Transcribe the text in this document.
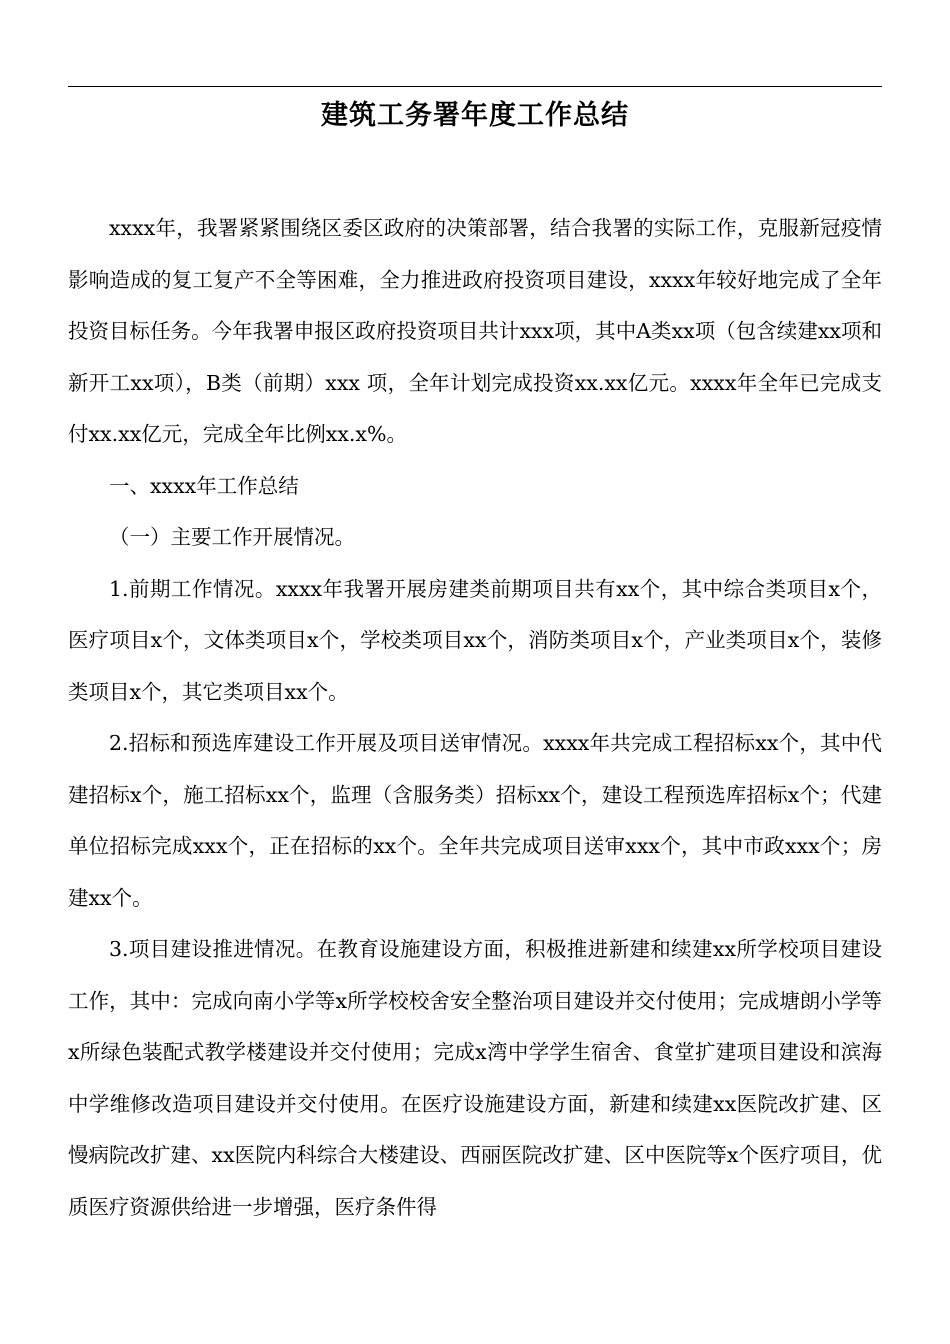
建筑工务署年度工作总结

xxxx年，我署紧紧围绕区委区政府的决策部署，结合我署的实际工作，克服新冠疫情影响造成的复工复产不全等困难，全力推进政府投资项目建设，xxxx年较好地完成了全年投资目标任务。今年我署申报区政府投资项目共计xxx项，其中A类xx项（包含续建xx项和新开工xx项），B类（前期）xxx 项，全年计划完成投资xx.xx亿元。xxxx年全年已完成支付xx.xx亿元，完成全年比例xx.x%。

一、xxxx年工作总结

（一）主要工作开展情况。

1.前期工作情况。xxxx年我署开展房建类前期项目共有xx个，其中综合类项目x个，医疗项目x个，文体类项目x个，学校类项目xx个，消防类项目x个，产业类项目x个，装修类项目x个，其它类项目xx个。

2.招标和预选库建设工作开展及项目送审情况。xxxx年共完成工程招标xx个，其中代建招标x个，施工招标xx个，监理（含服务类）招标xx个，建设工程预选库招标x个；代建单位招标完成xxx个，正在招标的xx个。全年共完成项目送审xxx个，其中市政xxx个；房建xx个。

3.项目建设推进情况。在教育设施建设方面，积极推进新建和续建xx所学校项目建设工作，其中：完成向南小学等x所学校校舍安全整治项目建设并交付使用；完成塘朗小学等x所绿色装配式教学楼建设并交付使用；完成x湾中学学生宿舍、食堂扩建项目建设和滨海中学维修改造项目建设并交付使用。在医疗设施建设方面，新建和续建xx医院改扩建、区慢病院改扩建、xx医院内科综合大楼建设、西丽医院改扩建、区中医院等x个医疗项目，优质医疗资源供给进一步增强，医疗条件得
